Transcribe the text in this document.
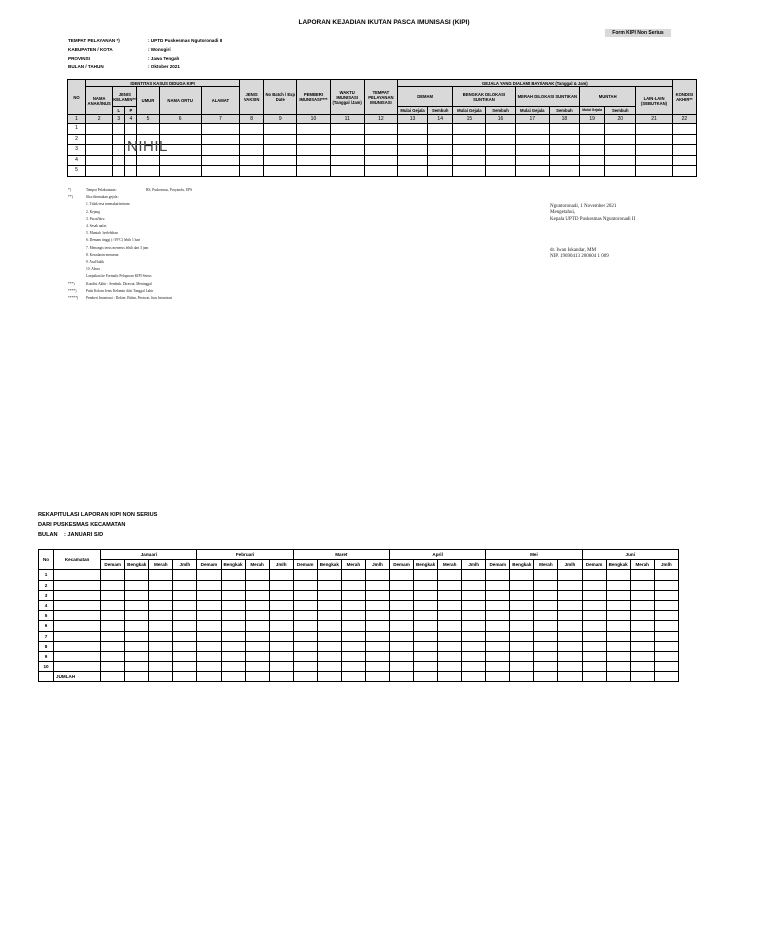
LAPORAN KEJADIAN IKUTAN PASCA IMUNISASI (KIPI)
Form KIPI Non Serius
TEMPAT PELAYANAN *)	: UPTD Puskesmas Ngutoronadi II
KABUPATEN / KOTA	: Wonogiri
PROVINSI	: Jawa Tengah
BULAN / TAHUN	: Oktober 2021
NO	IDENTITAS KASUS DIDUGA KIPI						JENIS VAKSIN	No Batch / Exp Date	PEMBERI IMUNISASI****	WAKTU IMUNISASI (Tanggal /Jam)	TEMPAT PELAYANAN IMUNISASI	GEJALA YANG DIALAMI BAYI/ANAK (Tanggal & Jam)									KONDISI AKHIR**
	NAMA ANAK/INUS	JENIS KELAMIN***		UMUR	NAMA ORTU	ALAMAT						DEMAM		BENGKAK DILOKASI SUNTIKAN		MERAH DILOKASI SUNTIKAN		MUNTAH		LAIN-LAIN (SEBUTKAN)	
		L	P									Mulai Gejala	Sembuh	Mulai Gejala	Sembuh	Mulai Gejala	Sembuh	Mulai Gejala	Sembuh		
1	2	3	4	5	6	7	8	9	10	11	12	13	14	15	16	17	18	19	20	21	22
1																					
2																					
3																					
4																					
5																					
NIHIL
*)	Tempat Pelaksanaan :                                RS, Puskesmas, Posyandu, UPS
**)	Jika ditemukan gejala :
1. Tidak tesa memakai/minum
2. Kejang
3. Pucat/biru
4. Sesak nafas
5. Muntah  berlebihan
6. Demam tinggi (>39°C) lebih 1 hari
7. Menangis terus menerus lebih dari 3 jam
8. Kesadaran menurun
9. Asal/lakik
10. Abses
Lanjutkan ke Formulir Pelaporan KIPI Serius
***)	Kondisi Akhir : Sembuh, Dirawat, Meninggal
****)	Pada Kolom Jenis Kelamin diisi Tanggal Lahir
*****)	Pemberi Imunisasi : Dokter, Bidan, Perawat, Juru Imunisasi
Nguntoronadi, 1 November 2021
Mengetahui,
Kepala UPTD Puskesmas Nguntoronadi II
dr. Iwan Iskandar, MM
NIP. 19690413 200604 1 009
REKAPITULASI LAPORAN KIPI NON SERIUS
DARI PUSKESMAS KECAMATAN
BULAN	: JANUARI S/D
No	Kecamatan	Januari				Februari				Maret				April				Mei				Juni			
		Demam	Bengkak	Merah	Jmlh	Demam	Bengkak	Merah	Jmlh	Demam	Bengkak	Merah	Jmlh	Demam	Bengkak	Merah	Jmlh	Demam	Bengkak	Merah	Jmlh	Demam	Bengkak	Merah	Jmlh
1																									
2																									
3																									
4																									
5																									
6																									
7																									
8																									
9																									
10																									
	JUMLAH																								
